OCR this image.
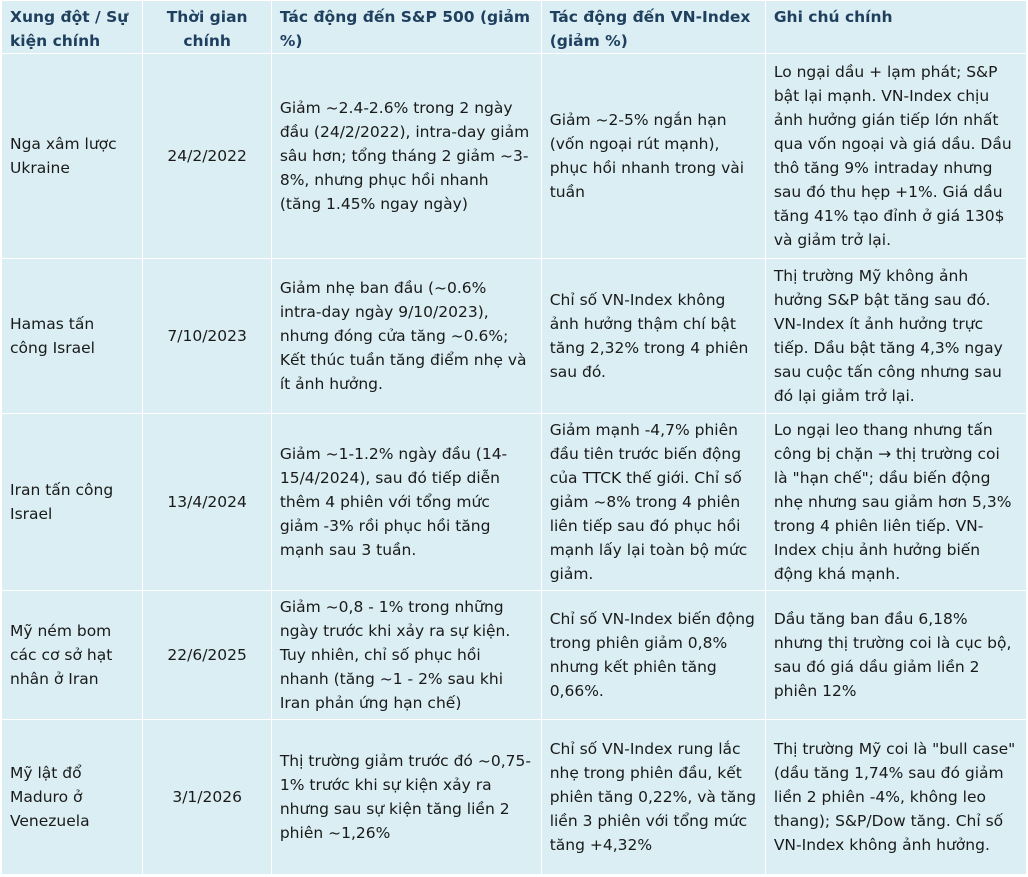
Xung đột / Sự kiện chính	Thời gian chính	Tác động đến S&P 500 (giảm %)	Tác động đến VN-Index (giảm %)	Ghi chú chính
Nga xâm lược Ukraine	24/2/2022	Giảm ~2.4-2.6% trong 2 ngày đầu (24/2/2022), intra-day giảm sâu hơn; tổng tháng 2 giảm ~3-8%, nhưng phục hồi nhanh (tăng 1.45% ngay ngày)	Giảm ~2-5% ngắn hạn (vốn ngoại rút mạnh), phục hồi nhanh trong vài tuần	Lo ngại dầu + lạm phát; S&P bật lại mạnh. VN-Index chịu ảnh hưởng gián tiếp lớn nhất qua vốn ngoại và giá dầu. Dầu thô tăng 9% intraday nhưng sau đó thu hẹp +1%. Giá dầu tăng 41% tạo đỉnh ở giá 130$ và giảm trở lại.
Hamas tấn công Israel	7/10/2023	Giảm nhẹ ban đầu (~0.6% intra-day ngày 9/10/2023), nhưng đóng cửa tăng ~0.6%; Kết thúc tuần tăng điểm nhẹ và ít ảnh hưởng.	Chỉ số VN-Index không ảnh hưởng thậm chí bật tăng 2,32% trong 4 phiên sau đó.	Thị trường Mỹ không ảnh hưởng S&P bật tăng sau đó. VN-Index ít ảnh hưởng trực tiếp. Dầu bật tăng 4,3% ngay sau cuộc tấn công nhưng sau đó lại giảm trở lại.
Iran tấn công Israel	13/4/2024	Giảm ~1-1.2% ngày đầu (14-15/4/2024), sau đó tiếp diễn thêm 4 phiên với tổng mức giảm -3% rồi phục hồi tăng mạnh sau 3 tuần.	Giảm mạnh -4,7% phiên đầu tiên trước biến động của TTCK thế giới. Chỉ số giảm ~8% trong 4 phiên liên tiếp sau đó phục hồi mạnh lấy lại toàn bộ mức giảm.	Lo ngại leo thang nhưng tấn công bị chặn → thị trường coi là "hạn chế"; dầu biến động nhẹ nhưng sau giảm hơn 5,3% trong 4 phiên liên tiếp. VN-Index chịu ảnh hưởng biến động khá mạnh.
Mỹ ném bom các cơ sở hạt nhân ở Iran	22/6/2025	Giảm ~0,8 - 1% trong những ngày trước khi xảy ra sự kiện. Tuy nhiên, chỉ số phục hồi nhanh (tăng ~1 - 2% sau khi Iran phản ứng hạn chế)	Chỉ số VN-Index biến động trong phiên giảm 0,8% nhưng kết phiên tăng 0,66%.	Dầu tăng ban đầu 6,18% nhưng thị trường coi là cục bộ, sau đó giá dầu giảm liền 2 phiên 12%
Mỹ lật đổ Maduro ở Venezuela	3/1/2026	Thị trường giảm trước đó ~0,75-1% trước khi sự kiện xảy ra nhưng sau sự kiện tăng liền 2 phiên ~1,26%	Chỉ số VN-Index rung lắc nhẹ trong phiên đầu, kết phiên tăng 0,22%, và tăng liền 3 phiên với tổng mức tăng +4,32%	Thị trường Mỹ coi là "bull case" (dầu tăng 1,74% sau đó giảm liền 2 phiên -4%, không leo thang); S&P/Dow tăng. Chỉ số VN-Index không ảnh hưởng.
